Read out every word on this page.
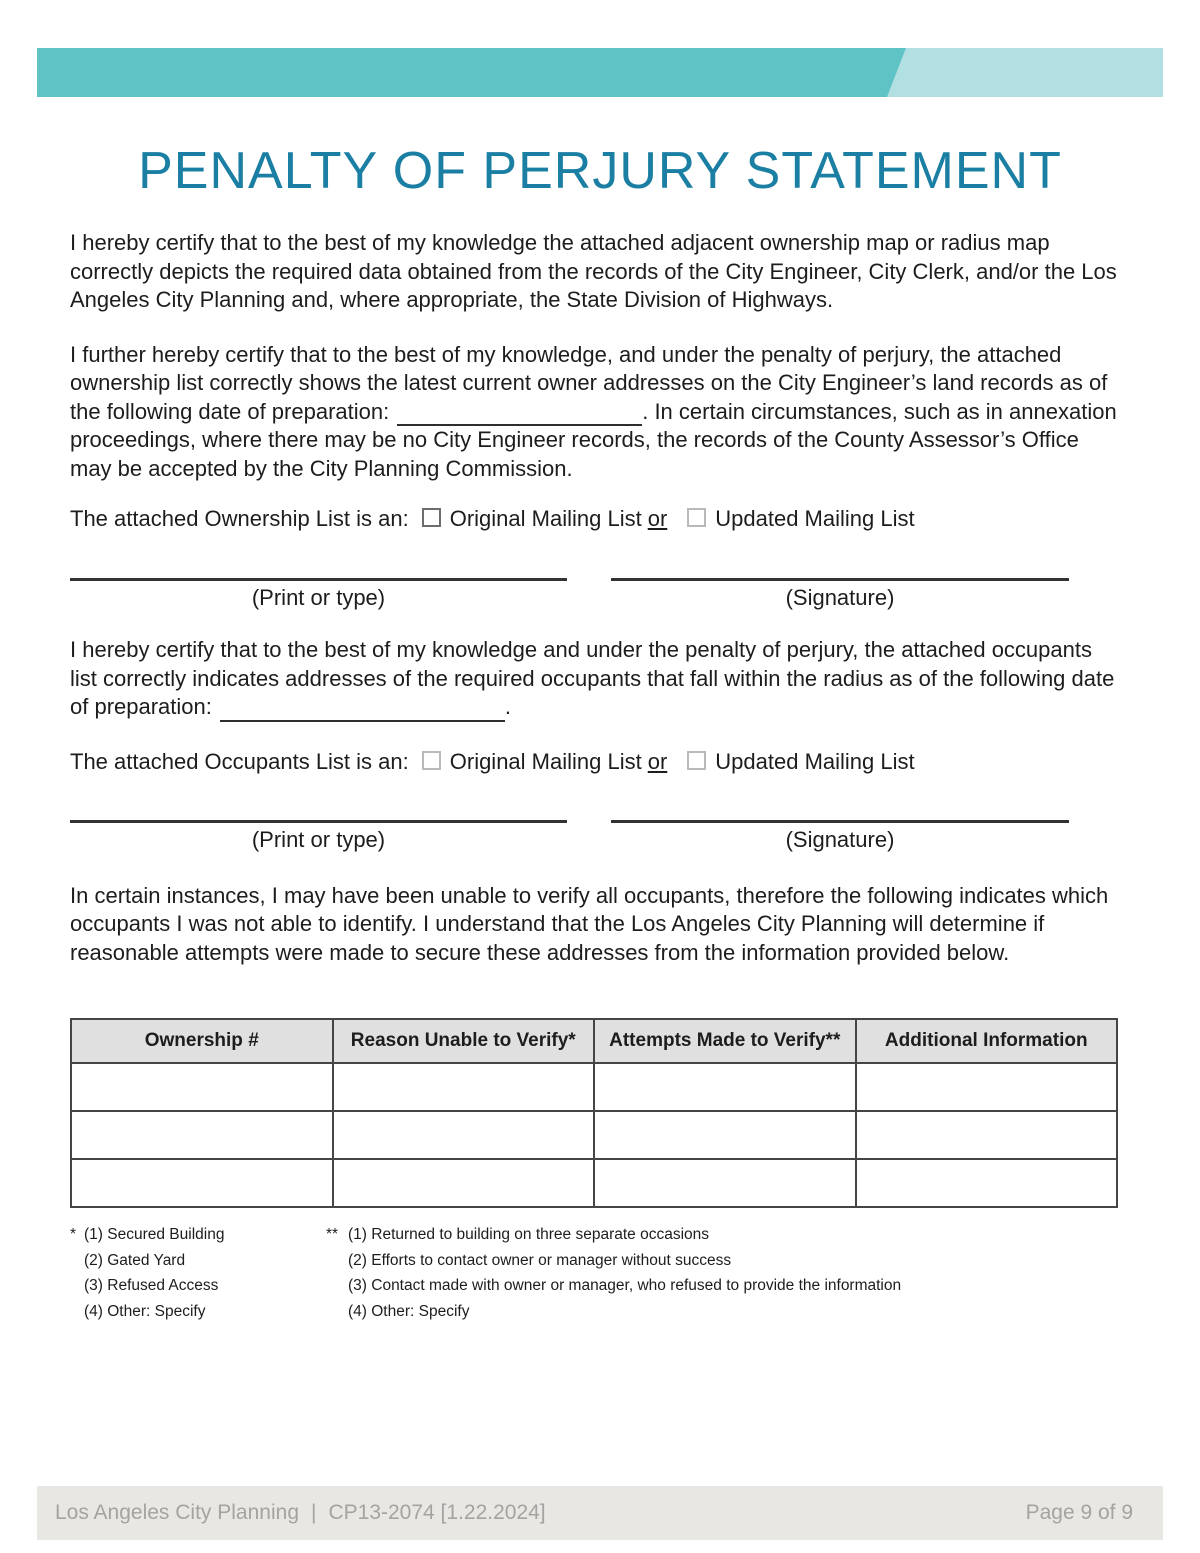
PENALTY OF PERJURY STATEMENT

I hereby certify that to the best of my knowledge the attached adjacent ownership map or radius map correctly depicts the required data obtained from the records of the City Engineer, City Clerk, and/or the Los Angeles City Planning and, where appropriate, the State Division of Highways.

I further hereby certify that to the best of my knowledge, and under the penalty of perjury, the attached ownership list correctly shows the latest current owner addresses on the City Engineer’s land records as of the following date of preparation:	. In certain circumstances, such as in annexation proceedings, where there may be no City Engineer records, the records of the County Assessor’s Office may be accepted by the City Planning Commission.

The attached Ownership List is an: Original Mailing List or Updated Mailing List
(Print or type)	(Signature)

I hereby certify that to the best of my knowledge and under the penalty of perjury, the attached occupants list correctly indicates addresses of the required occupants that fall within the radius as of the following date of preparation:	.

The attached Occupants List is an: Original Mailing List or Updated Mailing List
(Print or type)	(Signature)

In certain instances, I may have been unable to verify all occupants, therefore the following indicates which occupants I was not able to identify. I understand that the Los Angeles City Planning will determine if reasonable attempts were made to secure these addresses from the information provided below.

Ownership #	Reason Unable to Verify*	Attempts Made to Verify**	Additional Information

* (1) Secured Building
(2) Gated Yard
(3) Refused Access
(4) Other: Specify
** (1) Returned to building on three separate occasions
(2) Efforts to contact owner or manager without success
(3) Contact made with owner or manager, who refused to provide the information
(4) Other: Specify
Los Angeles City Planning | CP13-2074 [1.22.2024]	Page 9 of 9
